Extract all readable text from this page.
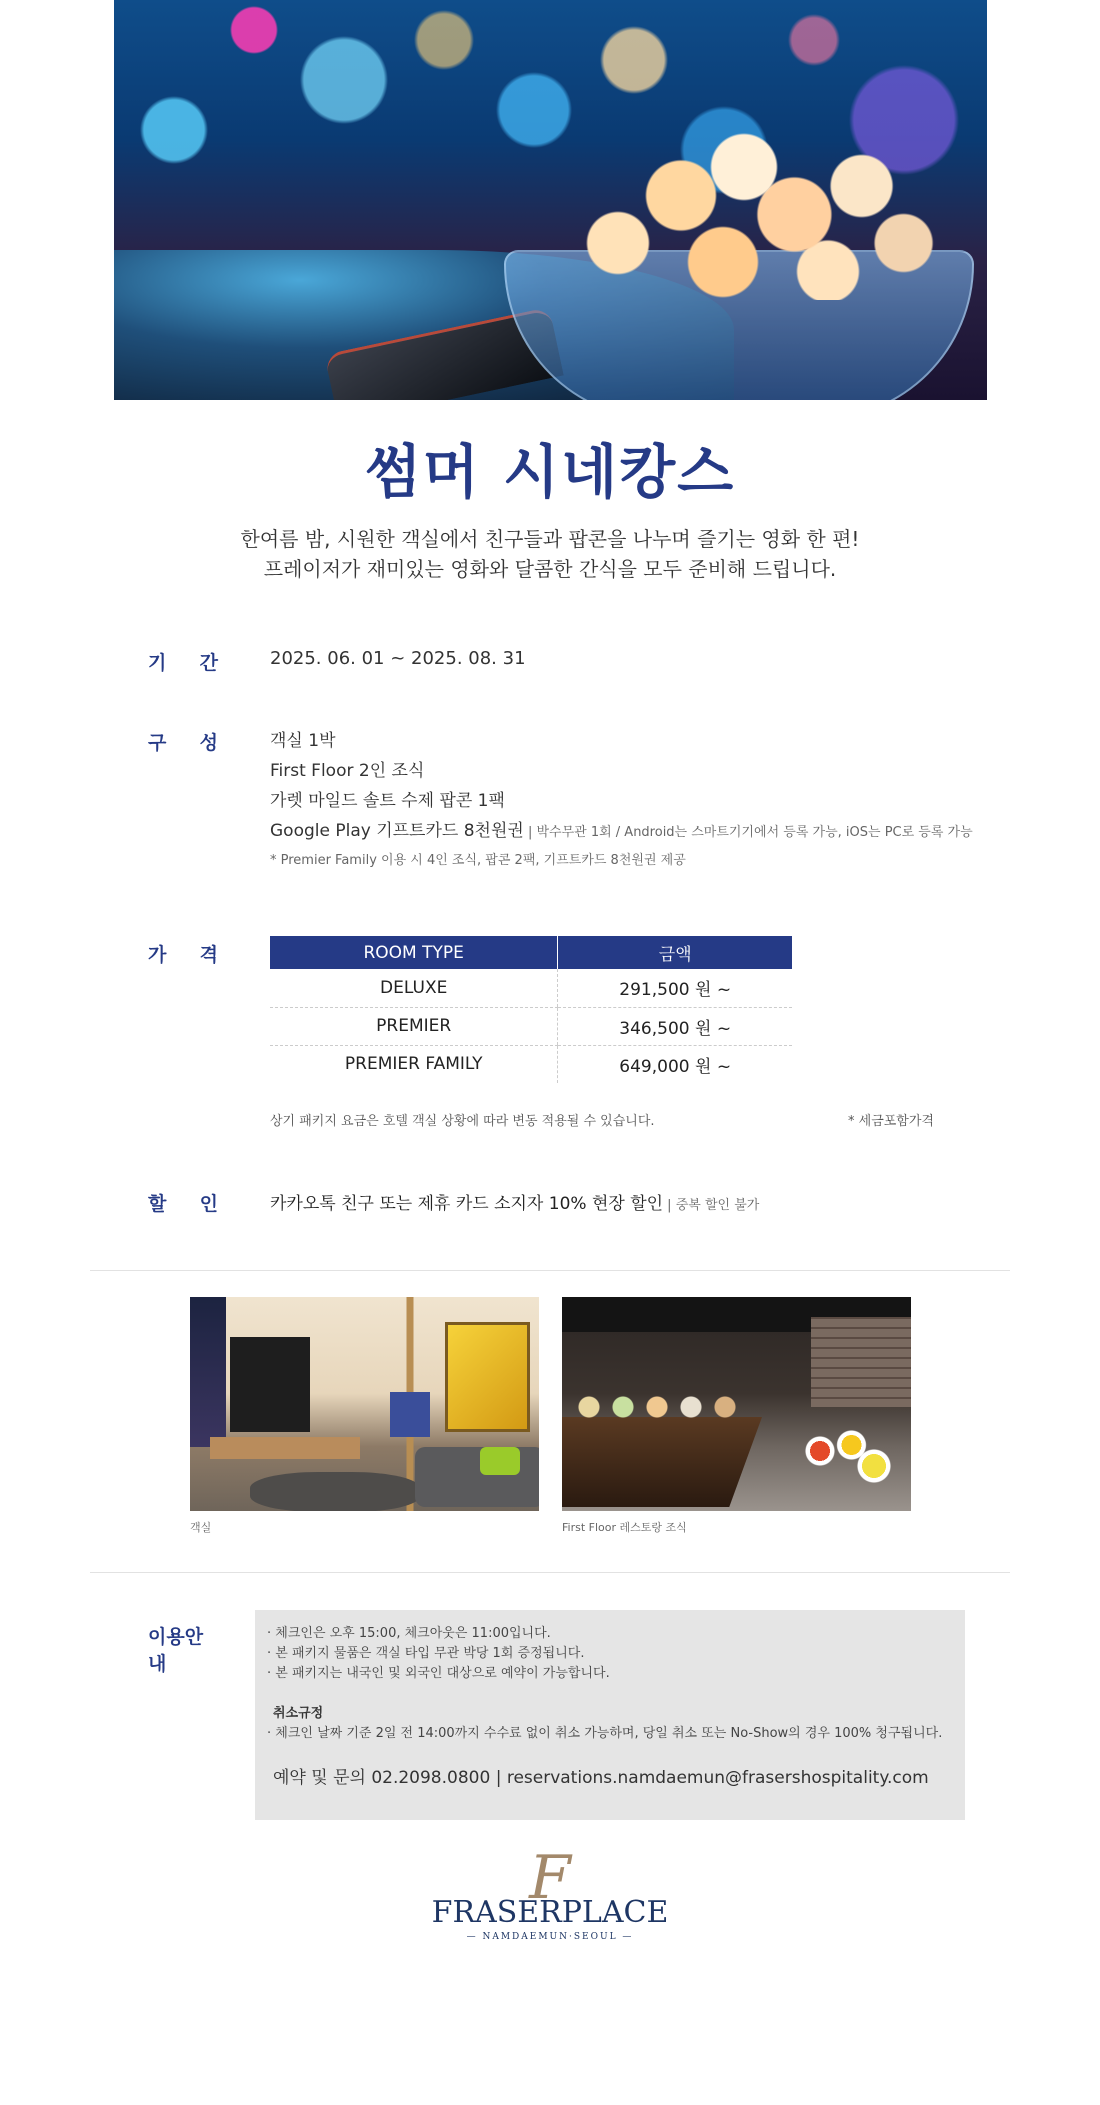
썸머 시네캉스
한여름 밤, 시원한 객실에서 친구들과 팝콘을 나누며 즐기는 영화 한 편!
프레이저가 재미있는 영화와 달콤한 간식을 모두 준비해 드립니다.
기 간	2025. 06. 01 ~ 2025. 08. 31
구 성	객실 1박
First Floor 2인 조식
가렛 마일드 솔트 수제 팝콘 1팩
Google Play 기프트카드 8천원권 | 박수무관 1회 / Android는 스마트기기에서 등록 가능, iOS는 PC로 등록 가능
* Premier Family 이용 시 4인 조식, 팝콘 2팩, 기프트카드 8천원권 제공
가 격	ROOM TYPE	금액
DELUXE	291,500 원 ~
PREMIER	346,500 원 ~
PREMIER FAMILY	649,000 원 ~
상기 패키지 요금은 호텔 객실 상황에 따라 변동 적용될 수 있습니다.	* 세금포함가격
할 인	카카오톡 친구 또는 제휴 카드 소지자 10% 현장 할인 | 중복 할인 불가
객실	First Floor 레스토랑 조식
이용안내
· 체크인은 오후 15:00, 체크아웃은 11:00입니다.
· 본 패키지 물품은 객실 타입 무관 박당 1회 증정됩니다.
· 본 패키지는 내국인 및 외국인 대상으로 예약이 가능합니다.
취소규정
· 체크인 날짜 기준 2일 전 14:00까지 수수료 없이 취소 가능하며, 당일 취소 또는 No-Show의 경우 100% 청구됩니다.
예약 및 문의 02.2098.0800 | reservations.namdaemun@frasershospitality.com
F
FRASERPLACE
— NAMDAEMUN·SEOUL —
